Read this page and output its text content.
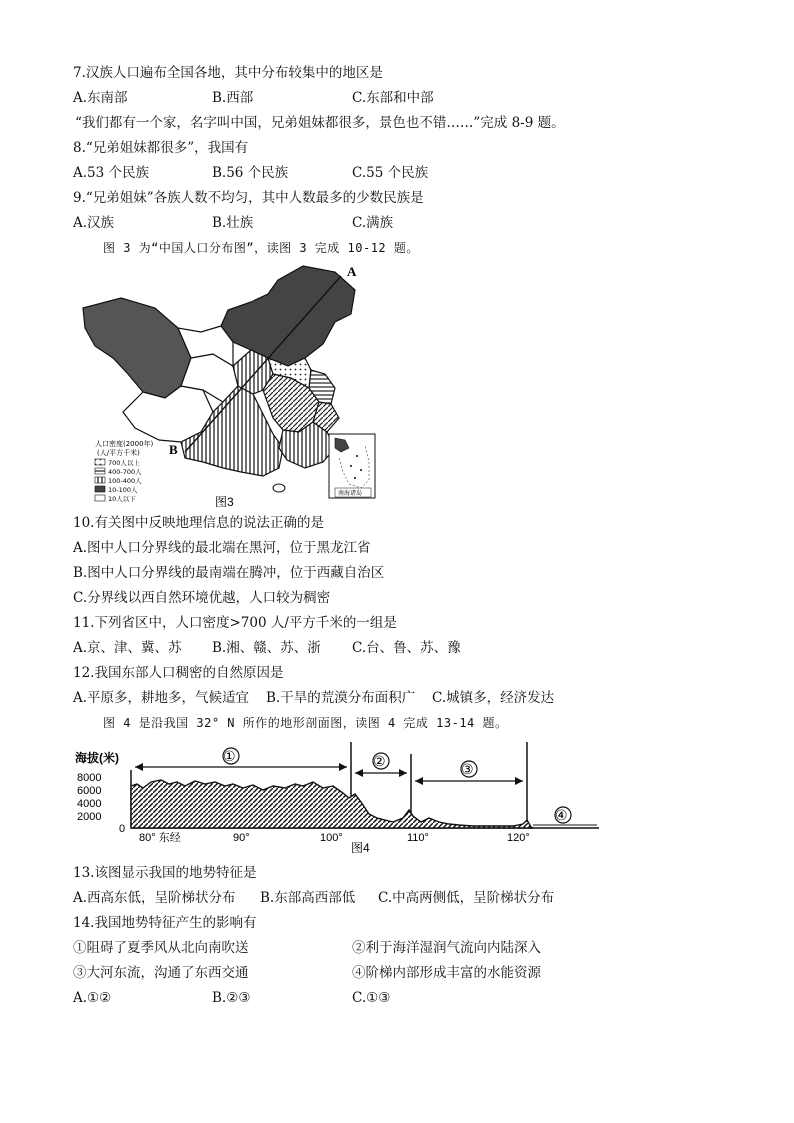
7.汉族人口遍布全国各地，其中分布较集中的地区是
A.东南部	B.西部	C.东部和中部
“我们都有一个家，名字叫中国，兄弟姐妹都很多，景色也不错……”完成 8-9 题。
8.“兄弟姐妹都很多”，我国有
A.53 个民族	B.56 个民族	C.55 个民族
9.“兄弟姐妹”各族人数不均匀，其中人数最多的少数民族是
A.汉族	B.壮族	C.满族
图 3 为“中国人口分布图”，读图 3 完成 10-12 题。
A
B
人口密度(2000年)
(人/平方千米)
700人以上
400-700人
100-400人
10-100人
10人以下	图3
南海诸岛
10.有关图中反映地理信息的说法正确的是
A.图中人口分界线的最北端在黑河，位于黑龙江省
B.图中人口分界线的最南端在腾冲，位于西藏自治区
C.分界线以西自然环境优越，人口较为稠密
11.下列省区中，人口密度>700 人/平方千米的一组是
A.京、津、冀、苏 B.湘、赣、苏、浙 C.台、鲁、苏、豫
12.我国东部人口稠密的自然原因是
A.平原多，耕地多，气候适宜 B.干旱的荒漠分布面积广 C.城镇多，经济发达
图 4 是沿我国 32° N 所作的地形剖面图，读图 4 完成 13-14 题。
海拔(米)
8000
6000
4000
2000
0
①	②	③
④
80° 东经	90°	100°	110°	120°
图4
13.该图显示我国的地势特征是
A.西高东低，呈阶梯状分布 B.东部高西部低 C.中高两侧低，呈阶梯状分布
14.我国地势特征产生的影响有
①阻碍了夏季风从北向南吹送	②利于海洋湿润气流向内陆深入
③大河东流，沟通了东西交通	④阶梯内部形成丰富的水能资源
A.①②	B.②③	C.①③
